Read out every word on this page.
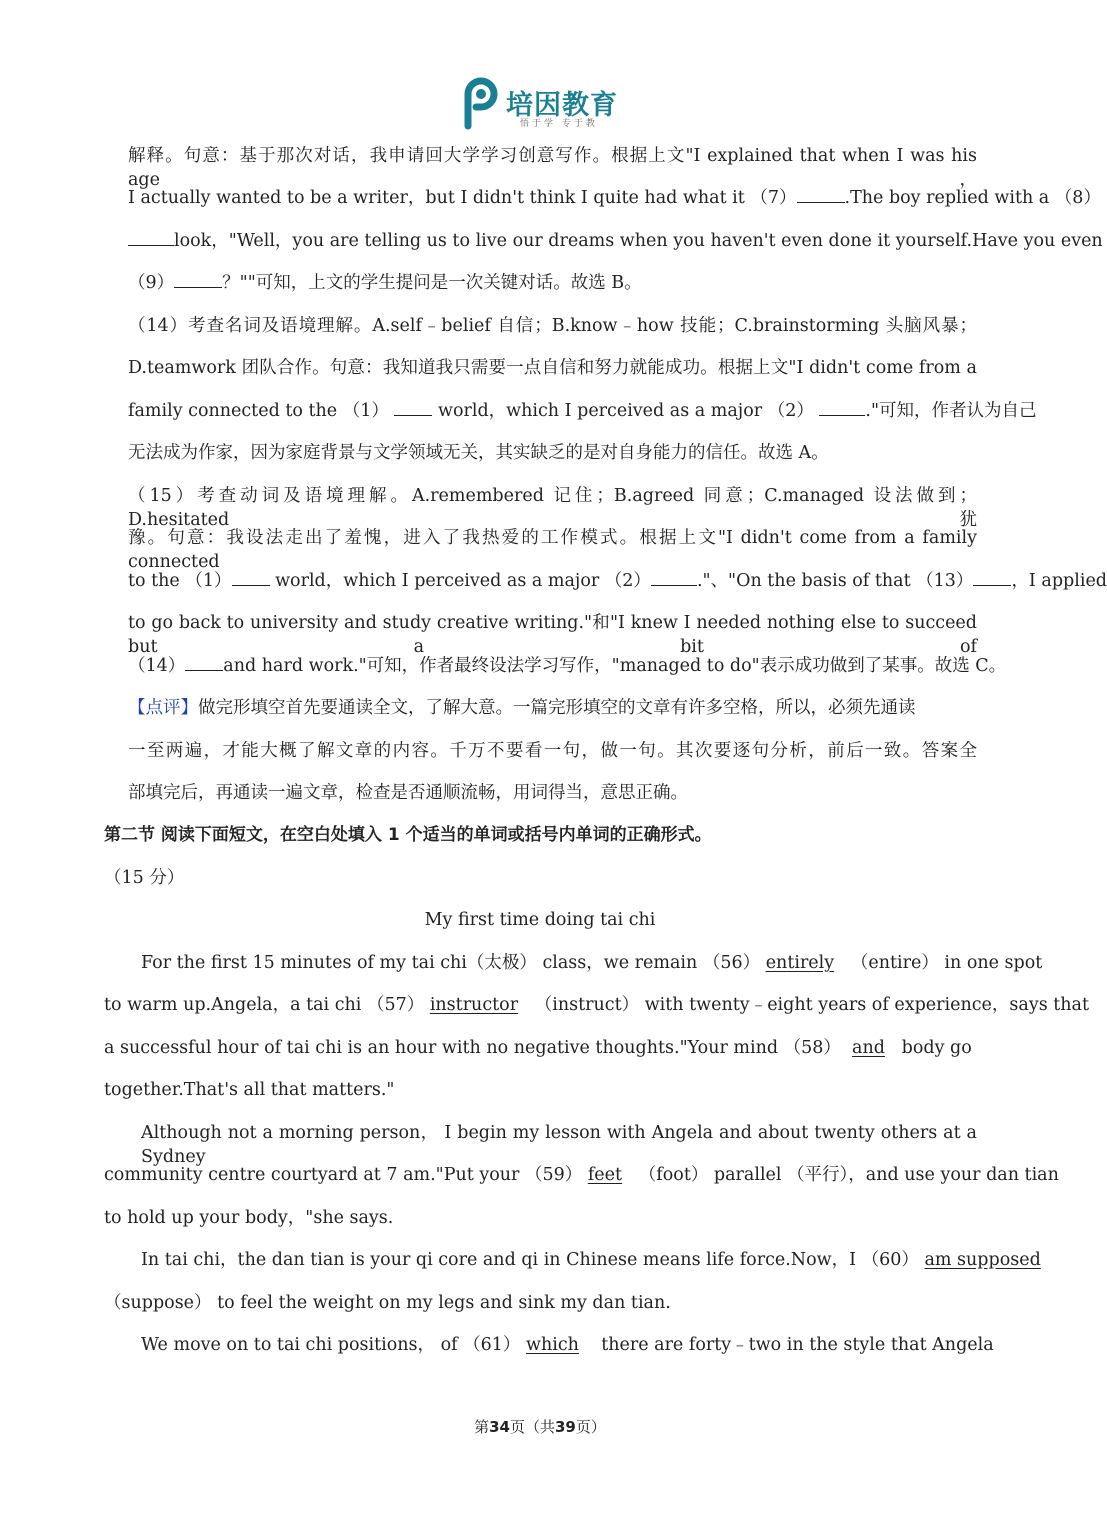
培因教育
悟于学 专于教
解释。句意：基于那次对话，我申请回大学学习创意写作。根据上文"I explained that when I was his age，
I actually wanted to be a writer，but I didn't think I quite had what it （7）	.The boy replied with a （8）
look，"Well，you are telling us to live our dreams when you haven't even done it yourself.Have you even
（9）	？""可知，上文的学生提问是一次关键对话。故选 B。
（14）考查名词及语境理解。A.self﹣belief 自信；B.know﹣how 技能；C.brainstorming 头脑风暴；
D.teamwork 团队合作。句意：我知道我只需要一点自信和努力就能成功。根据上文"I didn't come from a
family connected to the （1）	world，which I perceived as a major （2）	."可知，作者认为自己
无法成为作家，因为家庭背景与文学领域无关，其实缺乏的是对自身能力的信任。故选 A。
（15）考查动词及语境理解。A.remembered 记住；B.agreed 同意；C.managed 设法做到；D.hesitated 犹
豫。句意：我设法走出了羞愧，进入了我热爱的工作模式。根据上文"I didn't come from a family connected
to the （1） world，which I perceived as a major （2）	."、"On the basis of that （13） ，I applied
to go back to university and study creative writing."和"I knew I needed nothing else to succeed but a bit of
（14） and hard work."可知，作者最终设法学习写作，"managed to do"表示成功做到了某事。故选 C。
【点评】做完形填空首先要通读全文，了解大意。一篇完形填空的文章有许多空格，所以，必须先通读
一至两遍，才能大概了解文章的内容。千万不要看一句，做一句。其次要逐句分析，前后一致。答案全
部填完后，再通读一遍文章，检查是否通顺流畅，用词得当，意思正确。
第二节 阅读下面短文，在空白处填入 1 个适当的单词或括号内单词的正确形式。
（15 分）
My first time doing tai chi
For the first 15 minutes of my tai chi（太极） class，we remain （56） entirely （entire） in one spot
to warm up.Angela，a tai chi （57） instructor （instruct） with twenty﹣eight years of experience，says that
a successful hour of tai chi is an hour with no negative thoughts."Your mind （58） and body go
together.That's all that matters."
Although not a morning person， I begin my lesson with Angela and about twenty others at a Sydney
community centre courtyard at 7 am."Put your （59） feet （foot） parallel （平行），and use your dan tian
to hold up your body，"she says.
In tai chi，the dan tian is your qi core and qi in Chinese means life force.Now，I （60） am supposed
（suppose） to feel the weight on my legs and sink my dan tian.
We move on to tai chi positions， of （61） which there are forty﹣two in the style that Angela
第34页（共39页）
